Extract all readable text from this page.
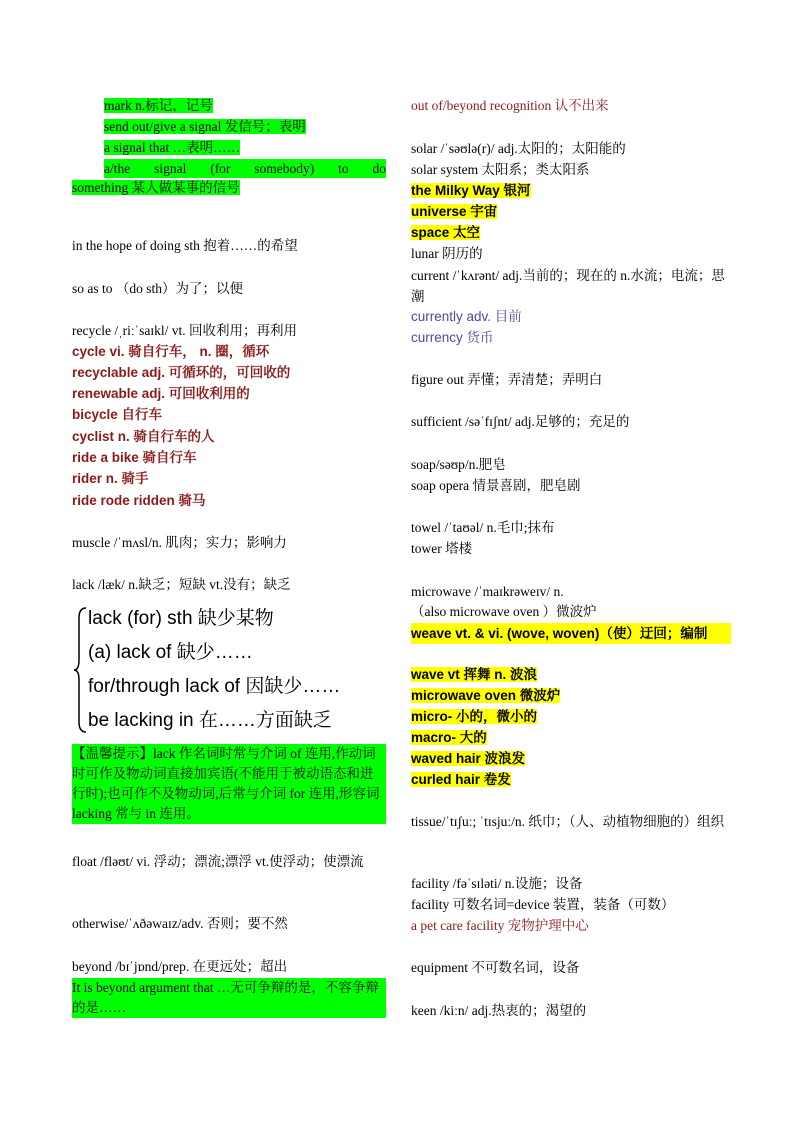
mark n.标记，记号
send out/give a signal 发信号；表明
a signal that …表明……
a/the signal (for somebody) to do
something 某人做某事的信号
in the hope of doing sth 抱着……的希望
so as to （do sth）为了；以便
recycle /ˌriːˈsaɪkl/ vt. 回收利用；再利用
cycle vi. 骑自行车， n. 圈，循环
recyclable adj. 可循环的，可回收的
renewable adj. 可回收利用的
bicycle 自行车
cyclist n. 骑自行车的人
ride a bike 骑自行车
rider n. 骑手
ride rode ridden 骑马
muscle /ˈmʌsl/n. 肌肉；实力；影响力
lack /læk/ n.缺乏；短缺 vt.没有；缺乏
lack (for) sth 缺少某物
(a) lack of 缺少……
for/through lack of 因缺少……
be lacking in 在……方面缺乏
【温馨提示】lack 作名词时常与介词 of 连用,作动词时可作及物动词直接加宾语(不能用于被动语态和进行时);也可作不及物动词,后常与介词 for 连用,形容词 lacking 常与 in 连用。
float /fləʊt/ vi. 浮动；漂流;漂浮 vt.使浮动；使漂流
otherwise/ˈʌðəwaɪz/adv. 否则；要不然
beyond /bɪˈjɒnd/prep. 在更远处；超出
It is beyond argument that …无可争辩的是，不容争辩的是……
out of/beyond recognition 认不出来
solar /ˈsəʊlə(r)/ adj.太阳的；太阳能的
solar system 太阳系；类太阳系
the Milky Way 银河
universe 宇宙
space 太空
lunar 阴历的
current /ˈkʌrənt/ adj.当前的；现在的 n.水流；电流；思潮
currently adv. 目前
currency 货币
figure out 弄懂；弄清楚；弄明白
sufficient /səˈfɪʃnt/ adj.足够的；充足的
soap/səʊp/n.肥皂
soap opera 情景喜剧，肥皂剧
towel /ˈtaʊəl/ n.毛巾;抹布
tower 塔楼
microwave /ˈmaɪkrəweɪv/ n.
（also microwave oven ）微波炉
weave vt. & vi. (wove, woven)（使）迂回；编制
wave vt 挥舞 n. 波浪
microwave oven 微波炉
micro- 小的，微小的
macro- 大的
waved hair 波浪发
curled hair 卷发
tissue/ˈtɪʃuː; ˈtɪsjuː/n. 纸巾；（人、动植物细胞的）组织
facility /fəˈsɪləti/ n.设施；设备
facility 可数名词=device 装置，装备（可数）
a pet care facility 宠物护理中心
equipment 不可数名词，设备
keen /kiːn/ adj.热衷的；渴望的
